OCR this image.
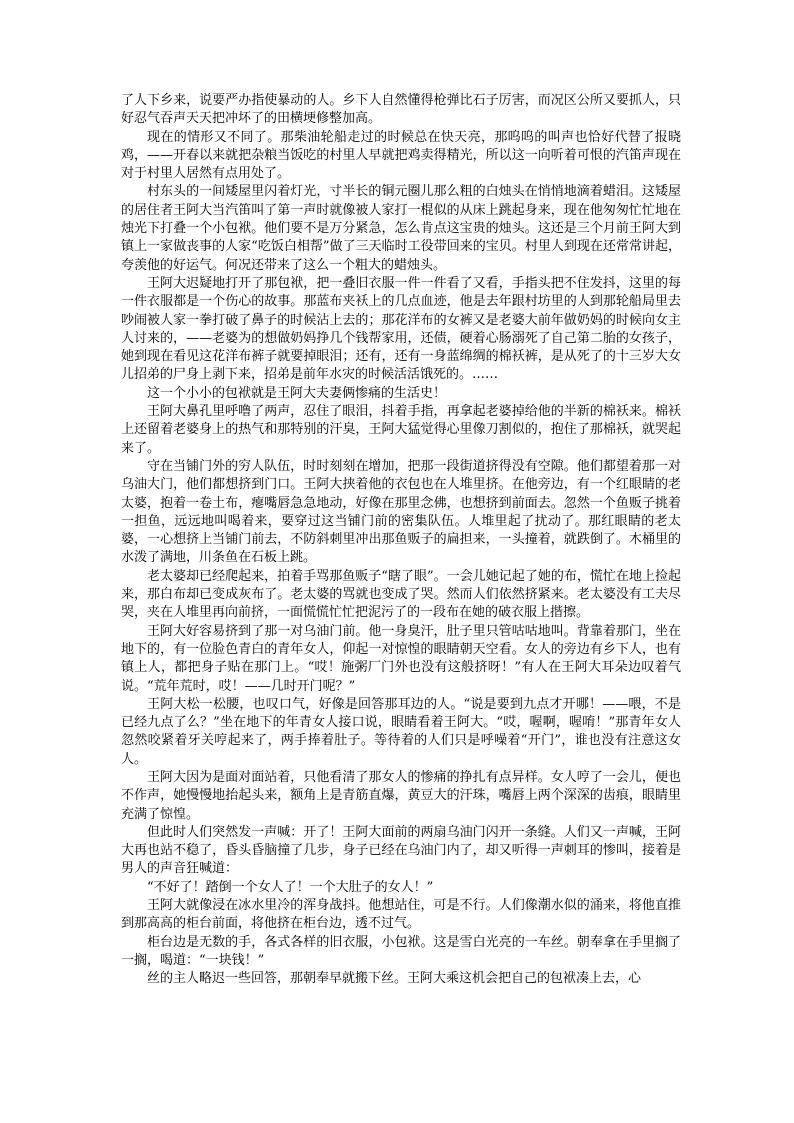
了人下乡来，说要严办指使暴动的人。乡下人自然懂得枪弹比石子厉害，而况区公所又要抓人，只好忍气吞声天天把冲坏了的田横埂修整加高。

现在的情形又不同了。那柴油轮船走过的时候总在快天亮，那呜呜的叫声也恰好代替了报晓鸡，——开春以来就把杂粮当饭吃的村里人早就把鸡卖得精光，所以这一向听着可恨的汽笛声现在对于村里人居然有点用处了。

村东头的一间矮屋里闪着灯光，寸半长的铜元圈儿那么粗的白烛头在悄悄地滴着蜡泪。这矮屋的居住者王阿大当汽笛叫了第一声时就像被人家打一棍似的从床上跳起身来，现在他匆匆忙忙地在烛光下打叠一个小包袱。他们要不是万分紧急，怎么肯点这宝贵的烛头。这还是三个月前王阿大到镇上一家做丧事的人家“吃饭白相帮”做了三天临时工役带回来的宝贝。村里人到现在还常常讲起，夸羡他的好运气。何况还带来了这么一个粗大的蜡烛头。

王阿大迟疑地打开了那包袱，把一叠旧衣服一件一件看了又看，手指头把不住发抖，这里的每一件衣服都是一个伤心的故事。那蓝布夹袄上的几点血迹，他是去年跟村坊里的人到那轮船局里去吵闹被人家一拳打破了鼻子的时候沾上去的；那花洋布的女裤又是老婆大前年做奶妈的时候向女主人讨来的，——老婆为的想做奶妈挣几个钱帮家用，还债，硬着心肠溺死了自己第二胎的女孩子，她到现在看见这花洋布裤子就要掉眼泪；还有，还有一身蓝绵绸的棉袄裤，是从死了的十三岁大女儿招弟的尸身上剥下来，招弟是前年水灾的时候活活饿死的。……

这一个小小的包袱就是王阿大夫妻俩惨痛的生活史！

王阿大鼻孔里呼噜了两声，忍住了眼泪，抖着手指，再拿起老婆掉给他的半新的棉袄来。棉袄上还留着老婆身上的热气和那特别的汗臭，王阿大猛觉得心里像刀割似的，抱住了那棉袄，就哭起来了。

守在当铺门外的穷人队伍，时时刻刻在增加，把那一段街道挤得没有空隙。他们都望着那一对乌油大门，他们都想挤到门口。王阿大挟着他的衣包也在人堆里挤。在他旁边，有一个红眼睛的老太婆，抱着一卷土布，瘪嘴唇急急地动，好像在那里念佛，也想挤到前面去。忽然一个鱼贩子挑着一担鱼，远远地叫喝着来，要穿过这当铺门前的密集队伍。人堆里起了扰动了。那红眼睛的老太婆，一心想挤上当铺门前去，不防斜刺里冲出那鱼贩子的扁担来，一头撞着，就跌倒了。木桶里的水泼了满地，川条鱼在石板上跳。

老太婆却已经爬起来，拍着手骂那鱼贩子“瞎了眼”。一会儿她记起了她的布，慌忙在地上捡起来，那白布却已变成灰布了。老太婆的骂就也变成了哭。然而人们依然挤紧来。老太婆没有工夫尽哭，夹在人堆里再向前挤，一面慌慌忙忙把泥污了的一段布在她的破衣服上揩擦。

王阿大好容易挤到了那一对乌油门前。他一身臭汗，肚子里只管咕咕地叫。背靠着那门，坐在地下的，有一位脸色青白的青年女人，仰起一对惊惶的眼睛朝天空看。女人的旁边有乡下人，也有镇上人，都把身子贴在那门上。“哎！施粥厂门外也没有这般挤呀！”有人在王阿大耳朵边叹着气说。“荒年荒时，哎！——几时开门呢？”

王阿大松一松腰，也叹口气，好像是回答那耳边的人。“说是要到九点才开哪！——喂，不是已经九点了么？”坐在地下的年青女人接口说，眼睛看着王阿大。“哎，喔啊，喔唷！”那青年女人忽然咬紧着牙关哼起来了，两手捧着肚子。等待着的人们只是呼噪着“开门”，谁也没有注意这女人。

王阿大因为是面对面站着，只他看清了那女人的惨痛的挣扎有点异样。女人哼了一会儿，便也不作声，她慢慢地抬起头来，额角上是青筋直爆，黄豆大的汗珠，嘴唇上两个深深的齿痕，眼睛里充满了惊惶。

但此时人们突然发一声喊：开了！王阿大面前的两扇乌油门闪开一条缝。人们又一声喊，王阿大再也站不稳了，昏头昏脑撞了几步，身子已经在乌油门内了，却又听得一声刺耳的惨叫，接着是男人的声音狂喊道：

“不好了！踏倒一个女人了！一个大肚子的女人！”

王阿大就像浸在冰水里冷的浑身战抖。他想站住，可是不行。人们像潮水似的涌来，将他直推到那高高的柜台前面，将他挤在柜台边，透不过气。

柜台边是无数的手，各式各样的旧衣服，小包袱。这是雪白光亮的一车丝。朝奉拿在手里搁了一搁，喝道：“一块钱！”

丝的主人略迟一些回答，那朝奉早就搬下丝。王阿大乘这机会把自己的包袱凑上去，心
